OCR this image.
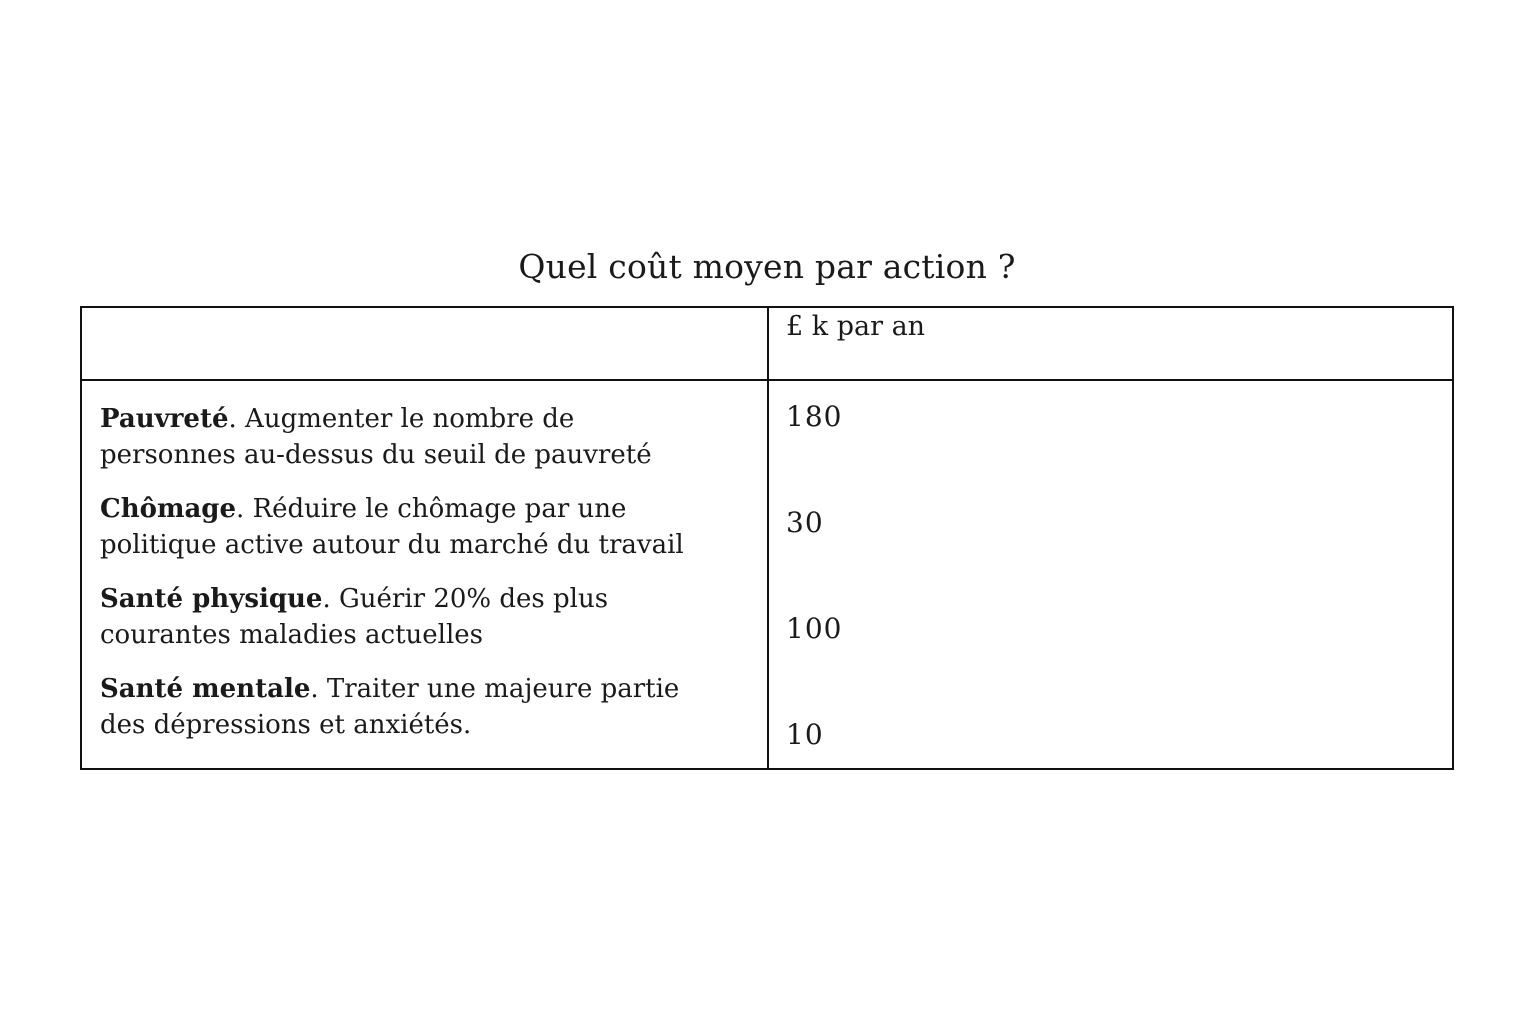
Quel coût moyen par action ?
£ k par an
Pauvreté. Augmenter le nombre de
personnes au-dessus du seuil de pauvreté
180
Chômage. Réduire le chômage par une
politique active autour du marché du travail
30
Santé physique. Guérir 20% des plus
courantes maladies actuelles	100
Santé mentale. Traiter une majeure partie
des dépressions et anxiétés.	10
